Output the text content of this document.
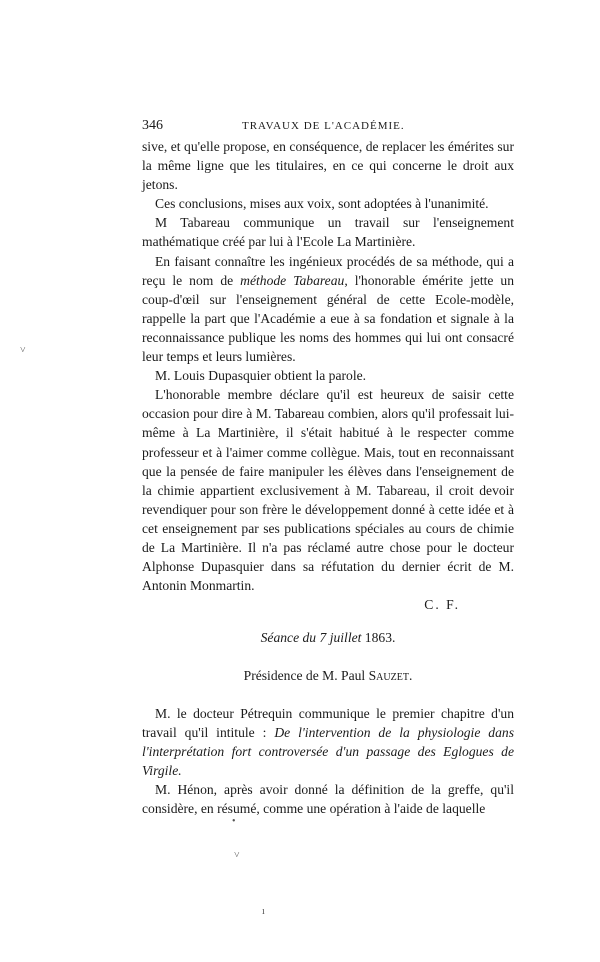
346	TRAVAUX DE L'ACADÉMIE.

sive, et qu'elle propose, en conséquence, de replacer les émérites sur la même ligne que les titulaires, en ce qui concerne le droit aux jetons.

Ces conclusions, mises aux voix, sont adoptées à l'unanimité.

M Tabareau communique un travail sur l'enseignement mathématique créé par lui à l'Ecole La Martinière.

En faisant connaître les ingénieux procédés de sa méthode, qui a reçu le nom de méthode Tabareau, l'honorable émérite jette un coup-d'œil sur l'enseignement général de cette Ecole-modèle, rappelle la part que l'Académie a eue à sa fondation et signale à la reconnaissance publique les noms des hommes qui lui ont consacré leur temps et leurs lumières.

M. Louis Dupasquier obtient la parole.

L'honorable membre déclare qu'il est heureux de saisir cette occasion pour dire à M. Tabareau combien, alors qu'il professait lui-même à La Martinière, il s'était habitué à le respecter comme professeur et à l'aimer comme collègue. Mais, tout en reconnaissant que la pensée de faire manipuler les élèves dans l'enseignement de la chimie appartient exclusivement à M. Tabareau, il croit devoir revendiquer pour son frère le développement donné à cette idée et à cet enseignement par ses publications spéciales au cours de chimie de La Martinière. Il n'a pas réclamé autre chose pour le docteur Alphonse Dupasquier dans sa réfutation du dernier écrit de M. Antonin Monmartin.

C. F.
Séance du 7 juillet 1863.
Présidence de M. Paul Sauzet.

M. le docteur Pétrequin communique le premier chapitre d'un travail qu'il intitule : De l'intervention de la physiologie dans l'interprétation fort controversée d'un passage des Eglogues de Virgile.

M. Hénon, après avoir donné la définition de la greffe, qu'il considère, en résumé, comme une opération à l'aide de laquelle

˅
•
˅
ı
